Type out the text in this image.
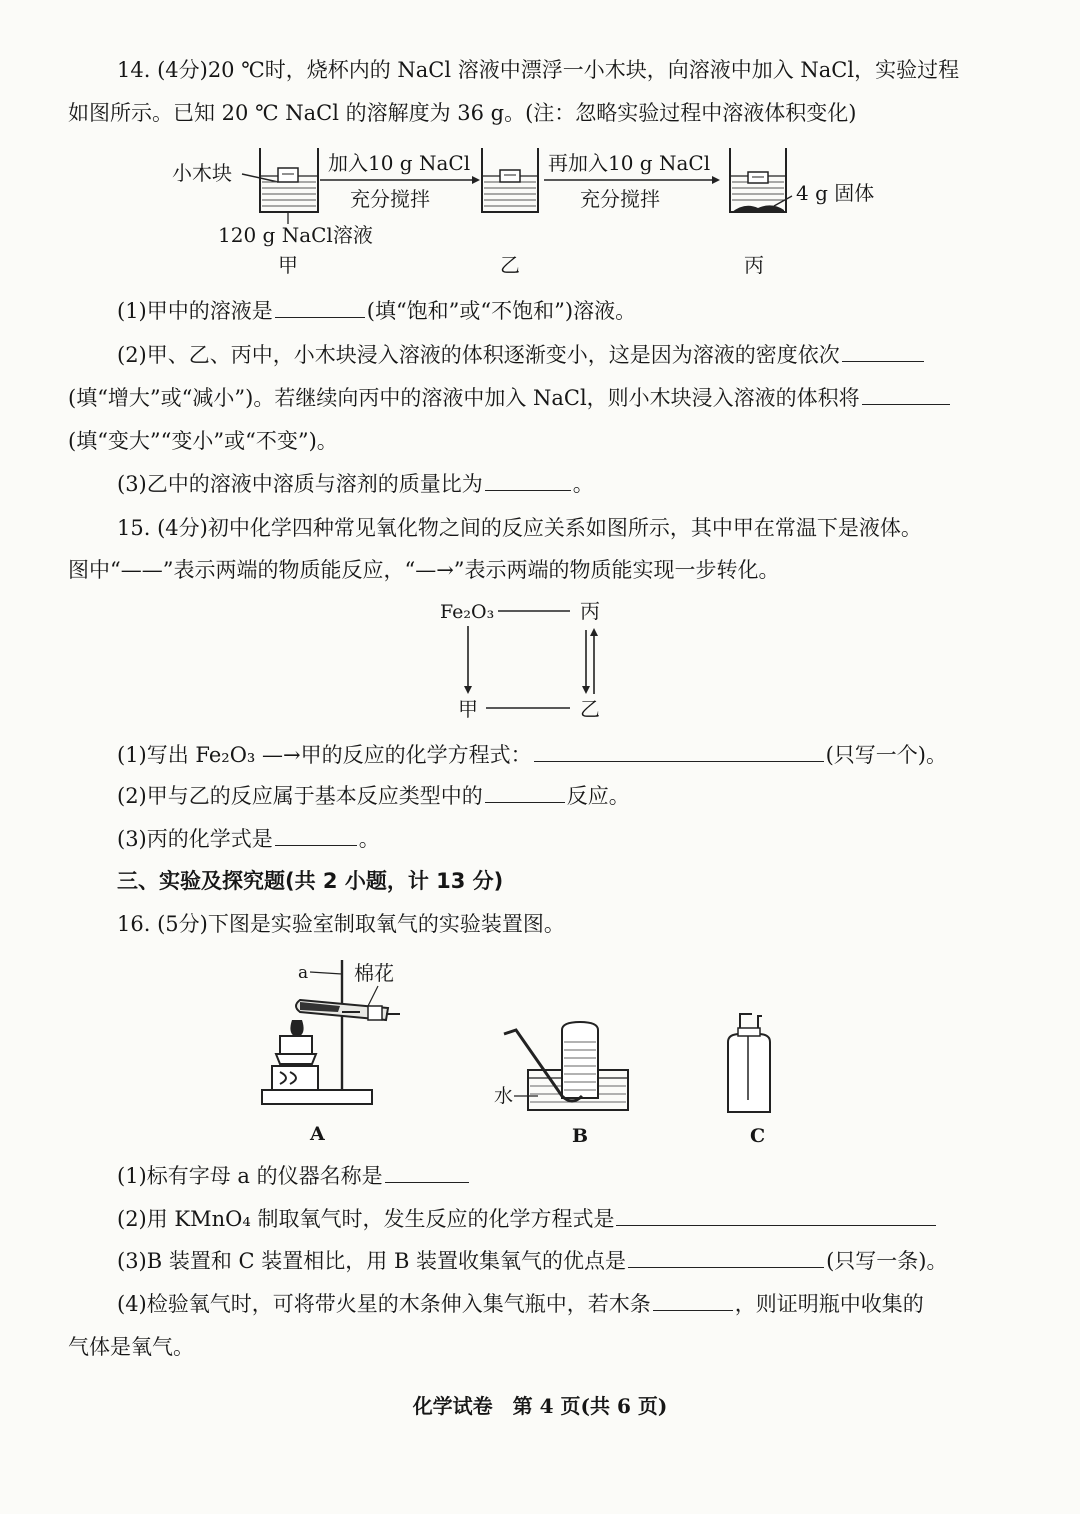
14. (4分)20 ℃时，烧杯内的 NaCl 溶液中漂浮一小木块，向溶液中加入 NaCl，实验过程
如图所示。已知 20 ℃ NaCl 的溶解度为 36 g。(注：忽略实验过程中溶液体积变化)
小木块	加入10 g NaCl
充分搅拌
再加入10 g NaCl
充分搅拌	4 g 固体
120 g NaCl溶液
甲	乙	丙
(1)甲中的溶液是	(填“饱和”或“不饱和”)溶液。
(2)甲、乙、丙中，小木块浸入溶液的体积逐渐变小，这是因为溶液的密度依次
(填“增大”或“减小”)。若继续向丙中的溶液中加入 NaCl，则小木块浸入溶液的体积将
(填“变大”“变小”或“不变”)。
(3)乙中的溶液中溶质与溶剂的质量比为	。
15. (4分)初中化学四种常见氧化物之间的反应关系如图所示，其中甲在常温下是液体。
图中“——”表示两端的物质能反应，“—→”表示两端的物质能实现一步转化。
Fe₂O₃	丙
甲	乙
(1)写出 Fe₂O₃ —→甲的反应的化学方程式：	(只写一个)。
(2)甲与乙的反应属于基本反应类型中的	反应。
(3)丙的化学式是	。
三、实验及探究题(共 2 小题，计 13 分)
16. (5分)下图是实验室制取氧气的实验装置图。
a 棉花
A
水
B	C
(1)标有字母 a 的仪器名称是
(2)用 KMnO₄ 制取氧气时，发生反应的化学方程式是
(3)B 装置和 C 装置相比，用 B 装置收集氧气的优点是	(只写一条)。
(4)检验氧气时，可将带火星的木条伸入集气瓶中，若木条	，则证明瓶中收集的
气体是氧气。
化学试卷　第 4 页(共 6 页)
